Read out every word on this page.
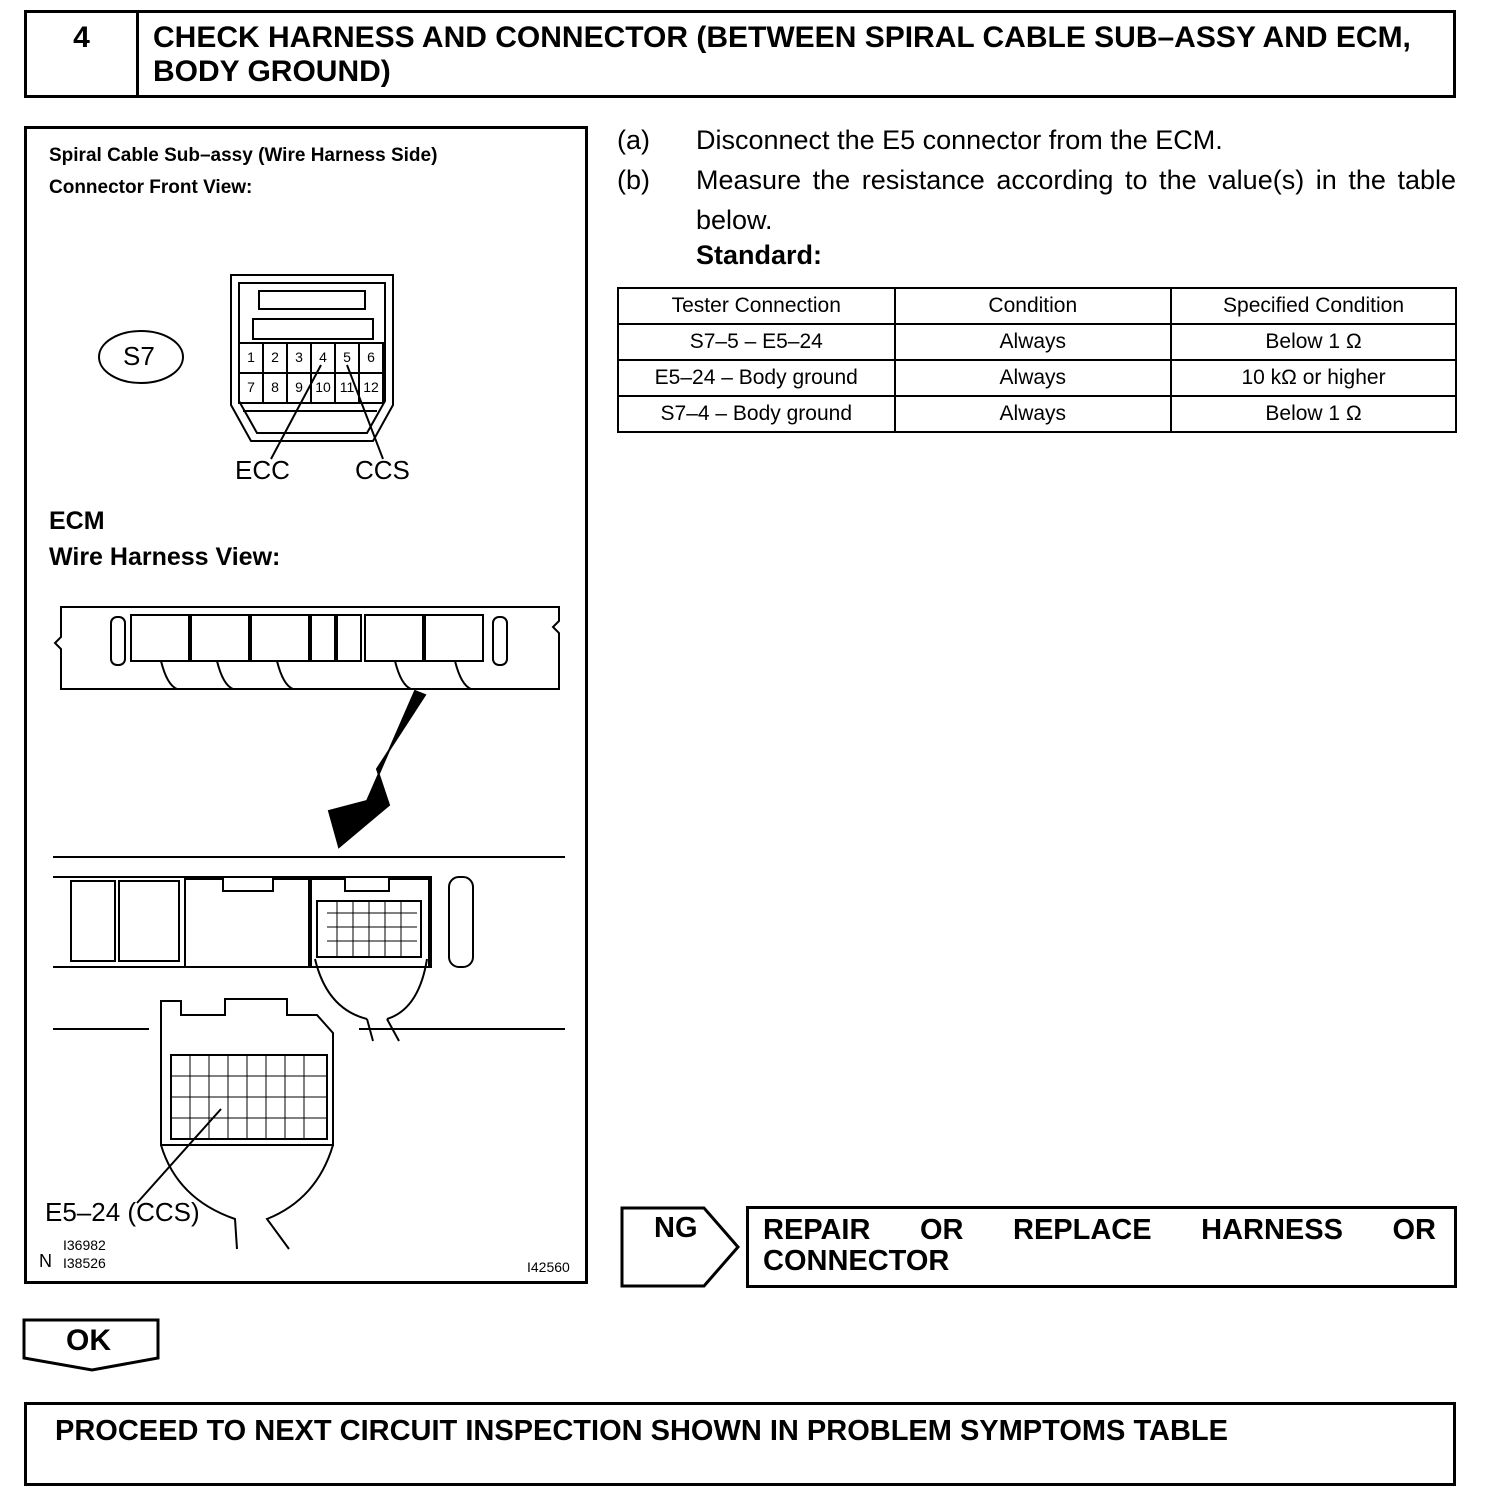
4	CHECK HARNESS AND CONNECTOR (BETWEEN SPIRAL CABLE SUB–ASSY AND ECM, BODY GROUND)
Spiral Cable Sub–assy (Wire Harness Side)
Connector Front View:
ECM
Wire Harness View:
S7	1	2	3	4	5	6
7	8	9 10 11 12
ECC	CCS
E5–24 (CCS)
N
I36982
I38526	I42560
(a) Disconnect the E5 connector from the ECM.
(b) Measure the resistance according to the value(s) in the table below.
Standard:
Tester Connection	Condition	Specified Condition
S7–5 – E5–24	Always	Below 1 Ω
E5–24 – Body ground	Always	10 kΩ or higher
S7–4 – Body ground	Always	Below 1 Ω
NG REPAIR OR REPLACE HARNESS OR CONNECTOR
OK
PROCEED TO NEXT CIRCUIT INSPECTION SHOWN IN PROBLEM SYMPTOMS TABLE
